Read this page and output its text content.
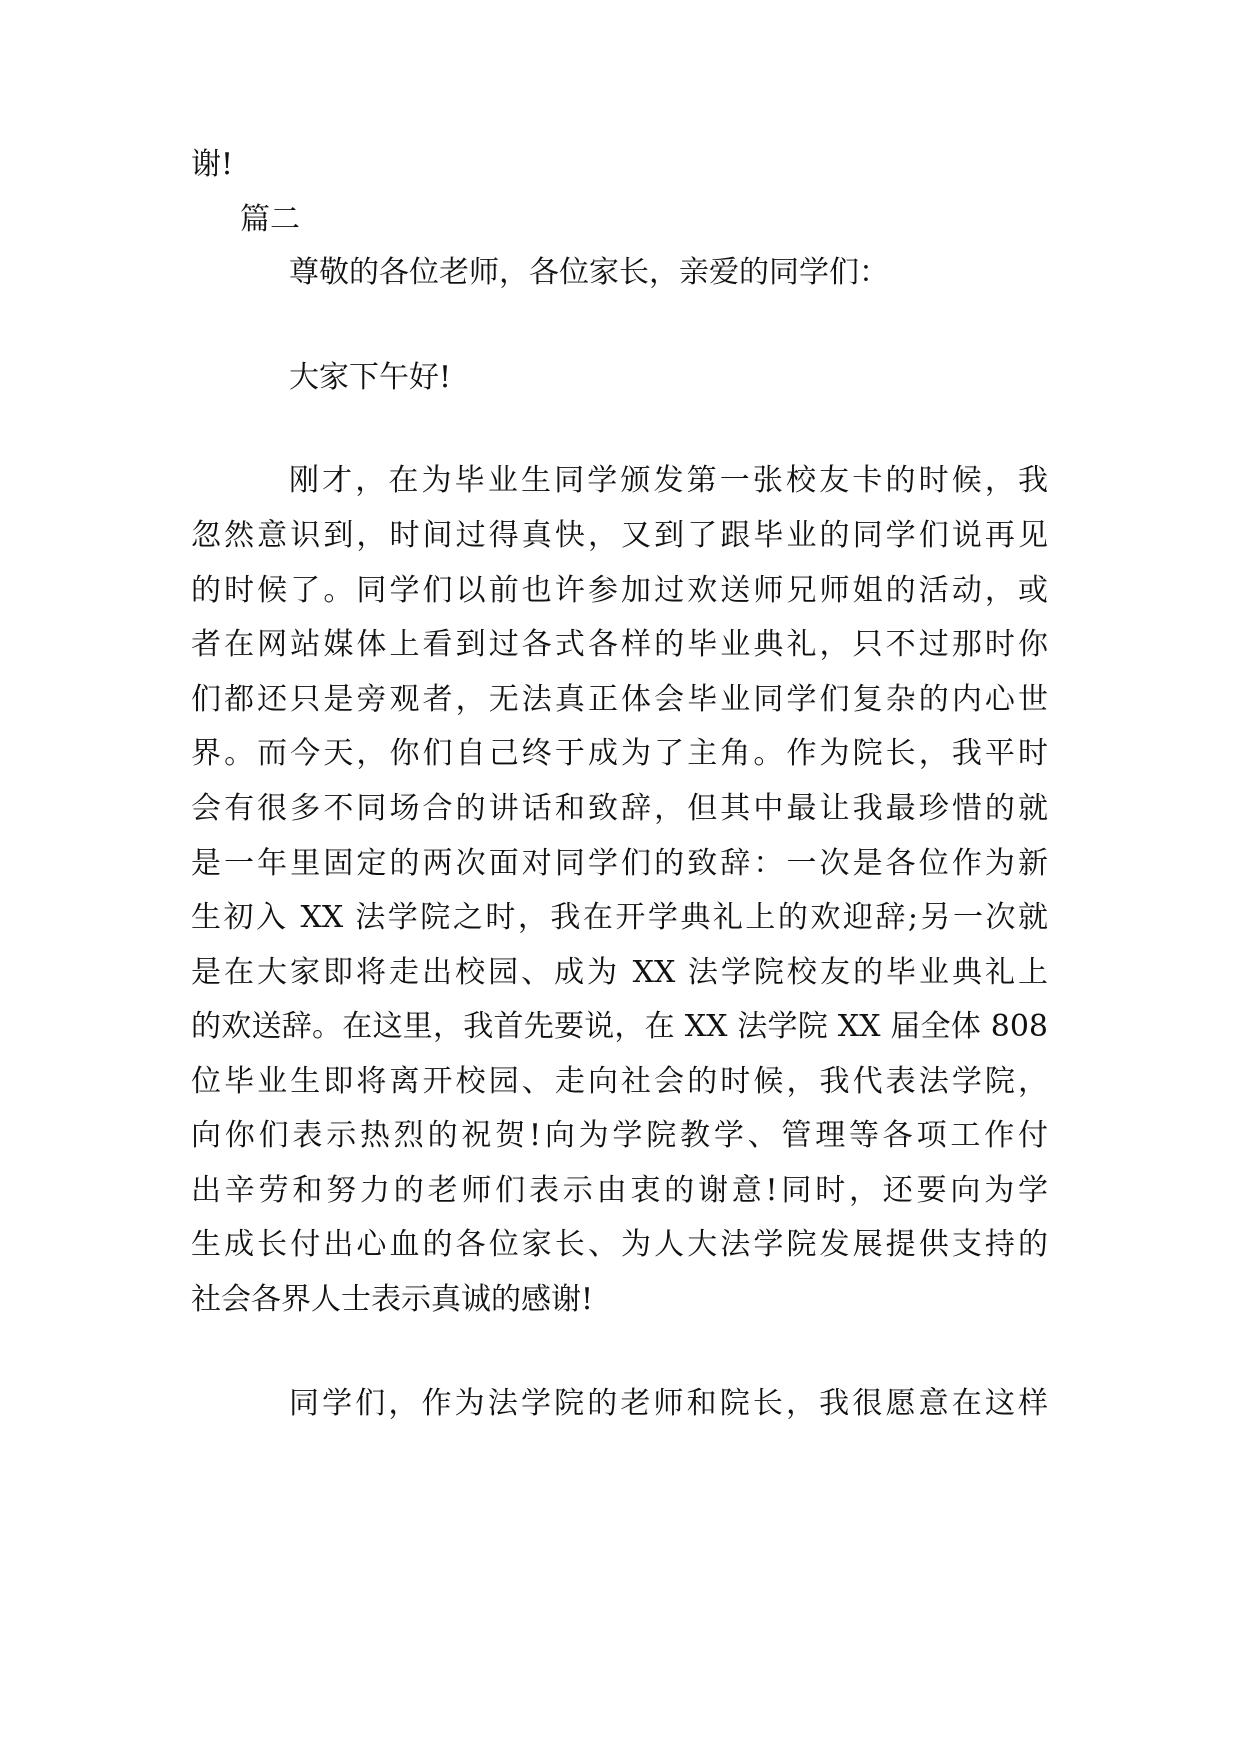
谢!
篇二
尊敬的各位老师，各位家长，亲爱的同学们：
大家下午好!
刚才，在为毕业生同学颁发第一张校友卡的时候，我
忽然意识到，时间过得真快，又到了跟毕业的同学们说再见
的时候了。同学们以前也许参加过欢送师兄师姐的活动，或
者在网站媒体上看到过各式各样的毕业典礼，只不过那时你
们都还只是旁观者，无法真正体会毕业同学们复杂的内心世
界。而今天，你们自己终于成为了主角。作为院长，我平时
会有很多不同场合的讲话和致辞，但其中最让我最珍惜的就
是一年里固定的两次面对同学们的致辞：一次是各位作为新
生初入 XX 法学院之时，我在开学典礼上的欢迎辞;另一次就
是在大家即将走出校园、成为 XX 法学院校友的毕业典礼上
的欢送辞。在这里，我首先要说，在 XX 法学院 XX 届全体 808
位毕业生即将离开校园、走向社会的时候，我代表法学院，
向你们表示热烈的祝贺!向为学院教学、管理等各项工作付
出辛劳和努力的老师们表示由衷的谢意!同时，还要向为学
生成长付出心血的各位家长、为人大法学院发展提供支持的
社会各界人士表示真诚的感谢!
同学们，作为法学院的老师和院长，我很愿意在这样
